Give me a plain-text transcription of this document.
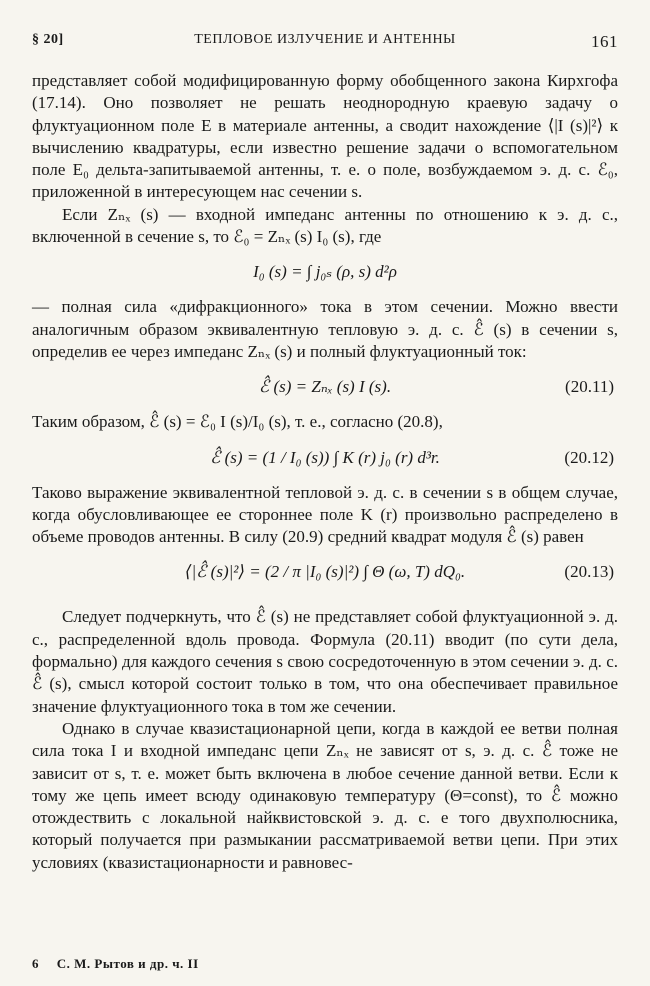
§ 20]	ТЕПЛОВОЕ ИЗЛУЧЕНИЕ И АНТЕННЫ	161

представляет собой модифицированную форму обобщенного закона Кирхгофа (17.14). Оно позволяет не решать неоднородную краевую задачу о флуктуационном поле E в материале антенны, а сводит нахождение ⟨|I (s)|²⟩ к вычислению квадратуры, если известно решение задачи о вспомогательном поле E₀ дельта-запитываемой антенны, т. е. о поле, возбуждаемом э. д. с. ℰ₀, приложенной в интересующем нас сечении s.

Если Zₙₓ (s) — входной импеданс антенны по отношению к э. д. с., включенной в сечение s, то ℰ₀ = Zₙₓ (s) I₀ (s), где

I₀ (s) = ∫ j₀ₛ (ρ, s) d²ρ

— полная сила «дифракционного» тока в этом сечении. Можно ввести аналогичным образом эквивалентную тепловую э. д. с. ℰ̂ (s) в сечении s, определив ее через импеданс Zₙₓ (s) и полный флуктуационный ток:

ℰ̂ (s) = Zₙₓ (s) I (s).	(20.11)

Таким образом, ℰ̂ (s) = ℰ₀ I (s)/I₀ (s), т. е., согласно (20.8),

ℰ̂ (s) = (1 / I₀ (s)) ∫ K (r) j₀ (r) d³r.	(20.12)

Таково выражение эквивалентной тепловой э. д. с. в сечении s в общем случае, когда обусловливающее ее стороннее поле K (r) произвольно распределено в объеме проводов антенны. В силу (20.9) средний квадрат модуля ℰ̂ (s) равен

⟨|ℰ̂ (s)|²⟩ = (2 / π |I₀ (s)|²) ∫ Θ (ω, T) dQ₀.	(20.13)

Следует подчеркнуть, что ℰ̂ (s) не представляет собой флуктуационной э. д. с., распределенной вдоль провода. Формула (20.11) вводит (по сути дела, формально) для каждого сечения s свою сосредоточенную в этом сечении э. д. с. ℰ̂ (s), смысл которой состоит только в том, что она обеспечивает правильное значение флуктуационного тока в том же сечении.

Однако в случае квазистационарной цепи, когда в каждой ее ветви полная сила тока I и входной импеданс цепи Zₙₓ не зависят от s, э. д. с. ℰ̂ тоже не зависит от s, т. е. может быть включена в любое сечение данной ветви. Если к тому же цепь имеет всюду одинаковую температуру (Θ=const), то ℰ̂ можно отождествить с локальной найквистовской э. д. с. e того двухполюсника, который получается при размыкании рассматриваемой ветви цепи. При этих условиях (квазистационарности и равновес-

6 С. М. Рытов и др. ч. II
